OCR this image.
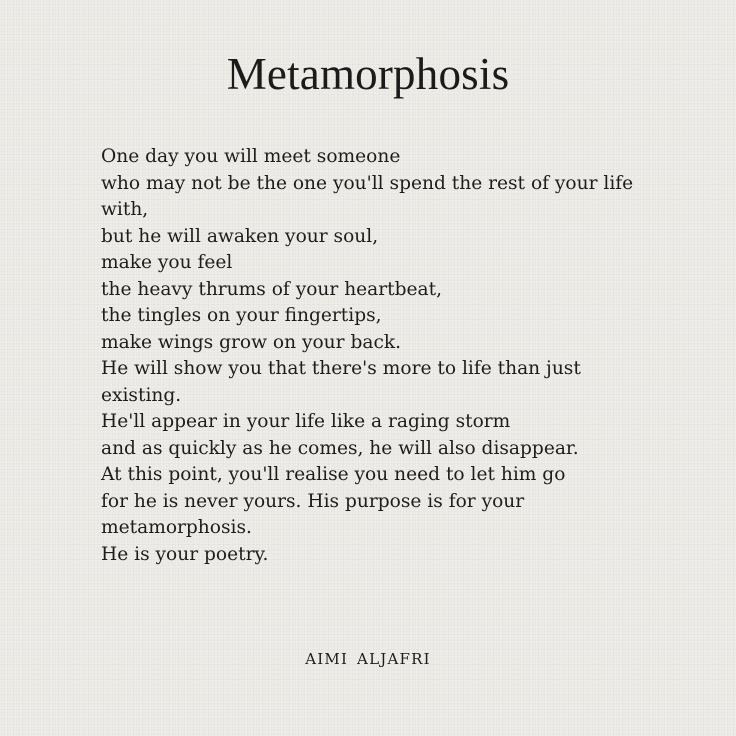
Metamorphosis
One day you will meet someone
who may not be the one you'll spend the rest of your life
with,
but he will awaken your soul,
make you feel
the heavy thrums of your heartbeat,
the tingles on your fingertips,
make wings grow on your back.
He will show you that there's more to life than just
existing.
He'll appear in your life like a raging storm
and as quickly as he comes, he will also disappear.
At this point, you'll realise you need to let him go
for he is never yours. His purpose is for your
metamorphosis.
He is your poetry.
AIMI ALJAFRI
